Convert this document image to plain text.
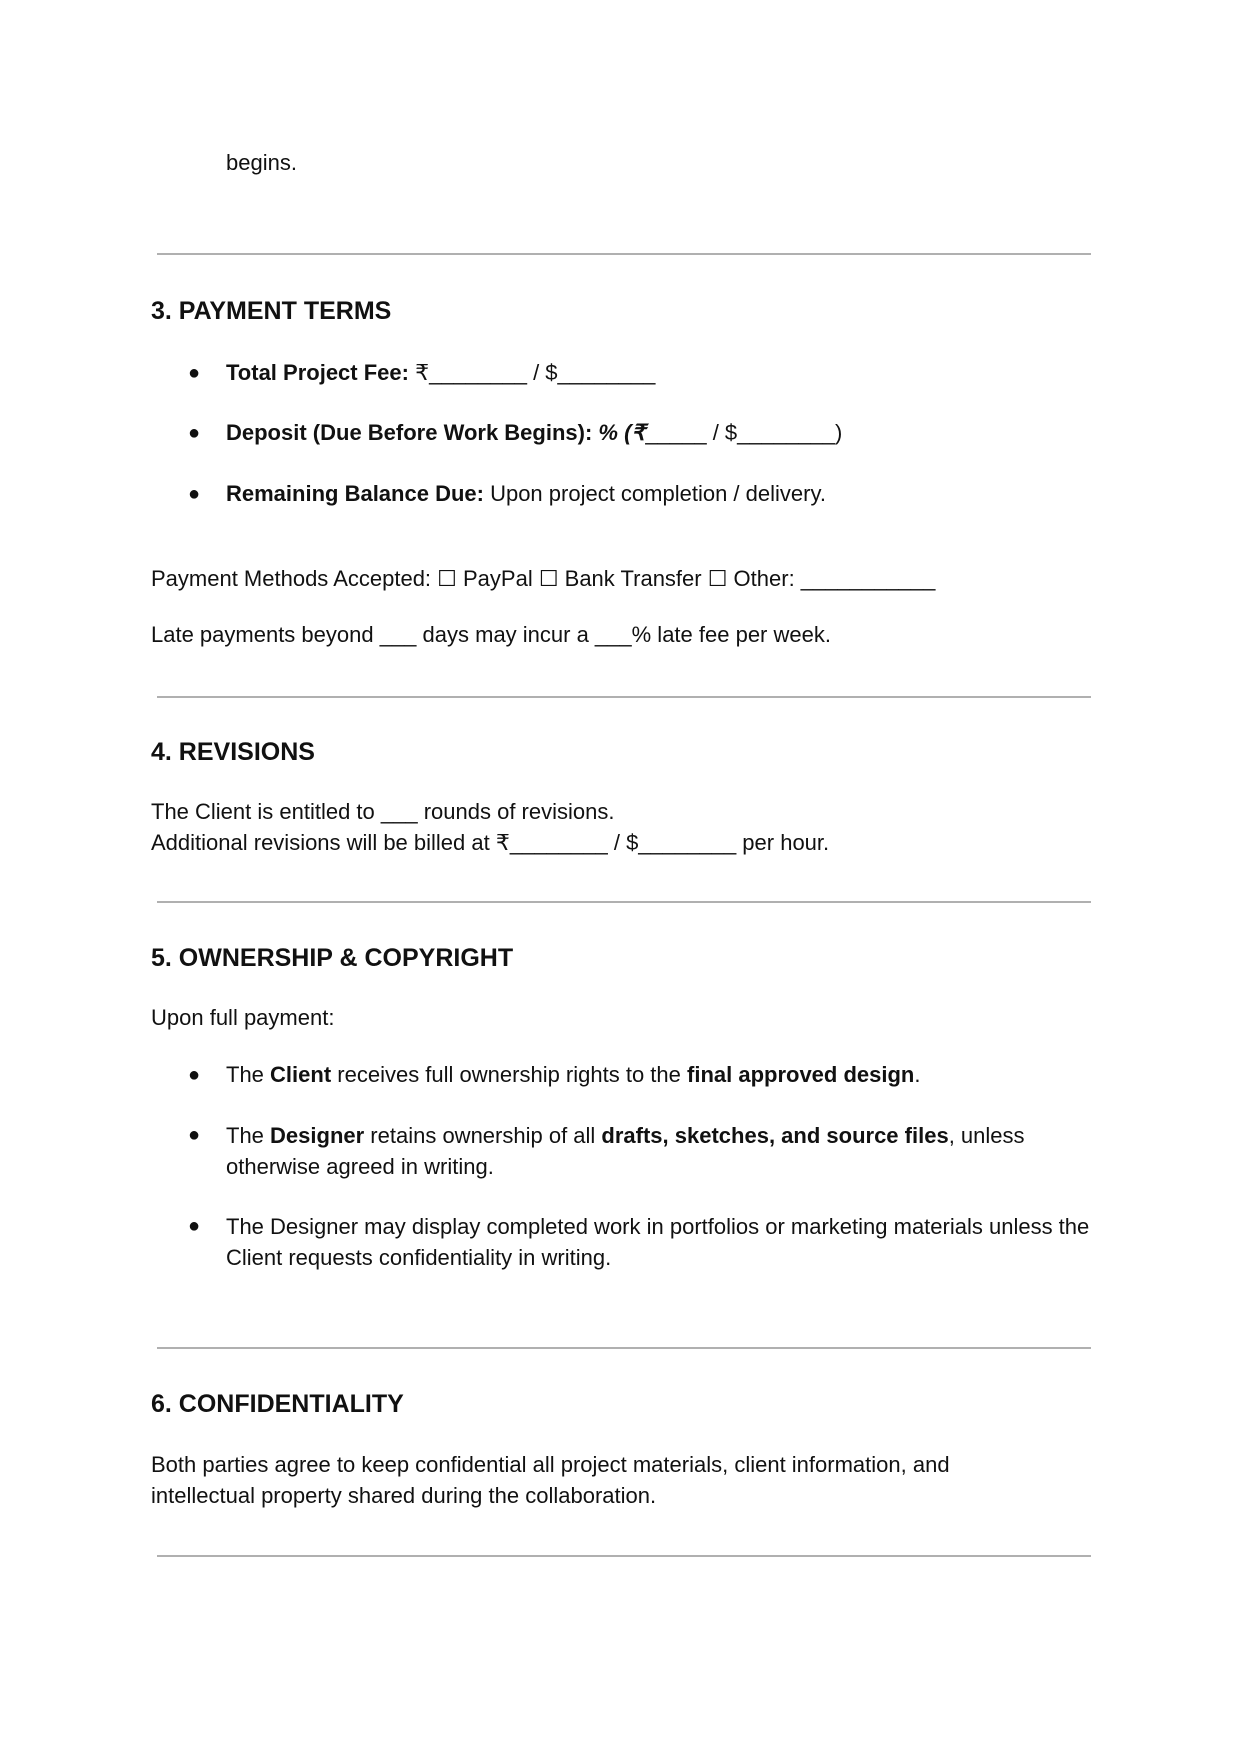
begins.
3. PAYMENT TERMS
● Total Project Fee: ₹________ / $________
● Deposit (Due Before Work Begins): % (₹_____ / $________)
● Remaining Balance Due: Upon project completion / delivery.
Payment Methods Accepted: ☐ PayPal ☐ Bank Transfer ☐ Other: ___________
Late payments beyond ___ days may incur a ___% late fee per week.
4. REVISIONS
The Client is entitled to ___ rounds of revisions.
Additional revisions will be billed at ₹________ / $________ per hour.
5. OWNERSHIP & COPYRIGHT
Upon full payment:
● The Client receives full ownership rights to the final approved design.
● The Designer retains ownership of all drafts, sketches, and source files, unless otherwise agreed in writing.
● The Designer may display completed work in portfolios or marketing materials unless the Client requests confidentiality in writing.
6. CONFIDENTIALITY
Both parties agree to keep confidential all project materials, client information, and intellectual property shared during the collaboration.
